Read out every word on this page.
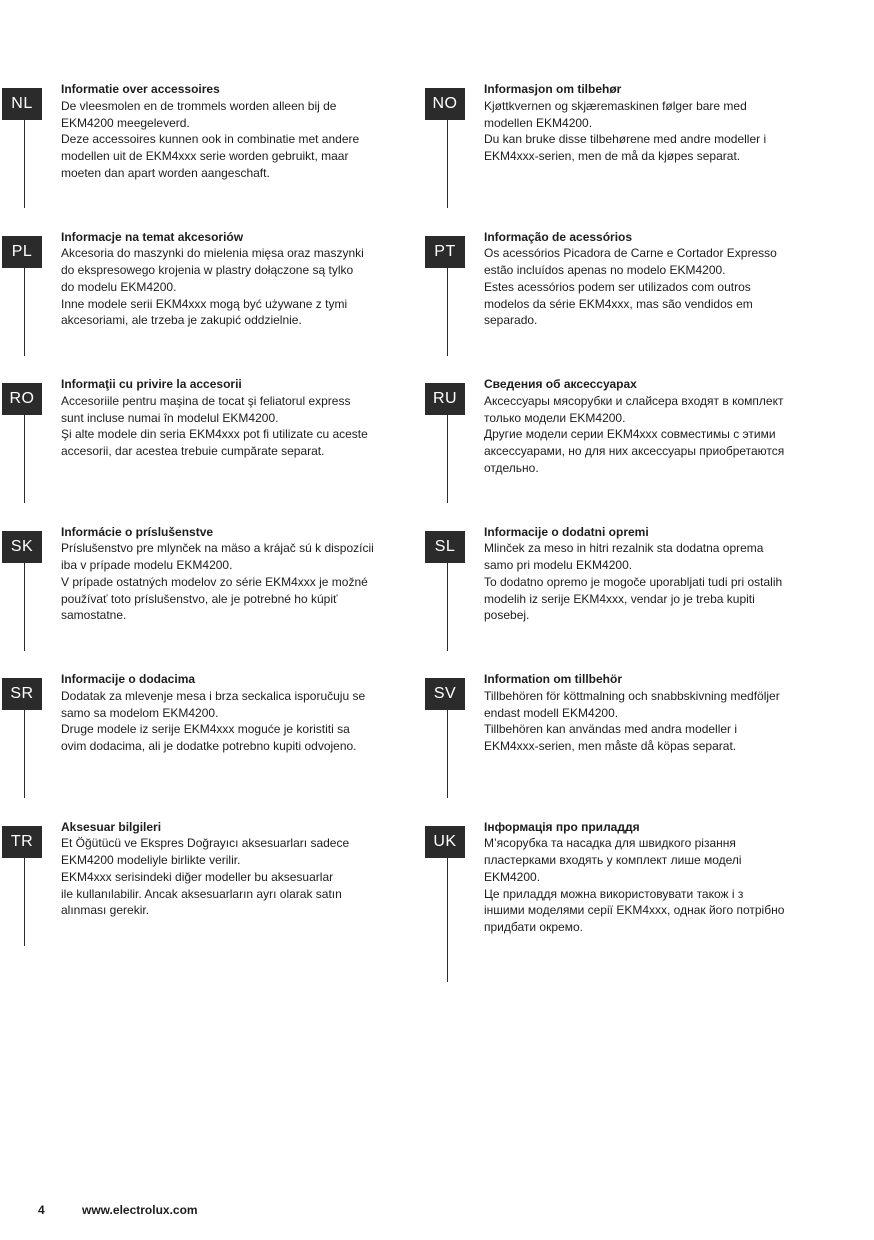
NL
Informatie over accessoires
De vleesmolen en de trommels worden alleen bij de
EKM4200 meegeleverd.
Deze accessoires kunnen ook in combinatie met andere
modellen uit de EKM4xxx serie worden gebruikt, maar
moeten dan apart worden aangeschaft.
NO
Informasjon om tilbehør
Kjøttkvernen og skjæremaskinen følger bare med
modellen EKM4200.
Du kan bruke disse tilbehørene med andre modeller i
EKM4xxx-serien, men de må da kjøpes separat.
PL
Informacje na temat akcesoriów
Akcesoria do maszynki do mielenia mięsa oraz maszynki
do ekspresowego krojenia w plastry dołączone są tylko
do modelu EKM4200.
Inne modele serii EKM4xxx mogą być używane z tymi
akcesoriami, ale trzeba je zakupić oddzielnie.
PT
Informação de acessórios
Os acessórios Picadora de Carne e Cortador Expresso
estão incluídos apenas no modelo EKM4200.
Estes acessórios podem ser utilizados com outros
modelos da série EKM4xxx, mas são vendidos em
separado.
RO
Informaţii cu privire la accesorii
Accesoriile pentru maşina de tocat şi feliatorul express
sunt incluse numai în modelul EKM4200.
Şi alte modele din seria EKM4xxx pot fi utilizate cu aceste
accesorii, dar acestea trebuie cumpărate separat.
RU
Сведения об аксессуарах
Аксессуары мясорубки и слайсера входят в комплект
только модели EKM4200.
Другие модели серии EKM4xxx совместимы с этими
аксессуарами, но для них аксессуары приобретаются
отдельно.
SK
Informácie o príslušenstve
Príslušenstvo pre mlynček na mäso a krájač sú k dispozícii
iba v prípade modelu EKM4200.
V prípade ostatných modelov zo série EKM4xxx je možné
používať toto príslušenstvo, ale je potrebné ho kúpiť
samostatne.
SL
Informacije o dodatni opremi
Mlinček za meso in hitri rezalnik sta dodatna oprema
samo pri modelu EKM4200.
To dodatno opremo je mogoče uporabljati tudi pri ostalih
modelih iz serije EKM4xxx, vendar jo je treba kupiti
posebej.
SR
Informacije o dodacima
Dodatak za mlevenje mesa i brza seckalica isporučuju se
samo sa modelom EKM4200.
Druge modele iz serije EKM4xxx moguće je koristiti sa
ovim dodacima, ali je dodatke potrebno kupiti odvojeno.
SV
Information om tillbehör
Tillbehören för köttmalning och snabbskivning medföljer
endast modell EKM4200.
Tillbehören kan användas med andra modeller i
EKM4xxx-serien, men måste då köpas separat.
TR
Aksesuar bilgileri
Et Öğütücü ve Ekspres Doğrayıcı aksesuarları sadece
EKM4200 modeliyle birlikte verilir.
EKM4xxx serisindeki diğer modeller bu aksesuarlar
ile kullanılabilir. Ancak aksesuarların ayrı olarak satın
alınması gerekir.
UK
Інформація про приладдя
М’ясорубка та насадка для швидкого різання
пластерками входять у комплект лише моделі
EKM4200.
Це приладдя можна використовувати також і з
іншими моделями серії EKM4xxx, однак його потрібно
придбати окремо.
4	www.electrolux.com
